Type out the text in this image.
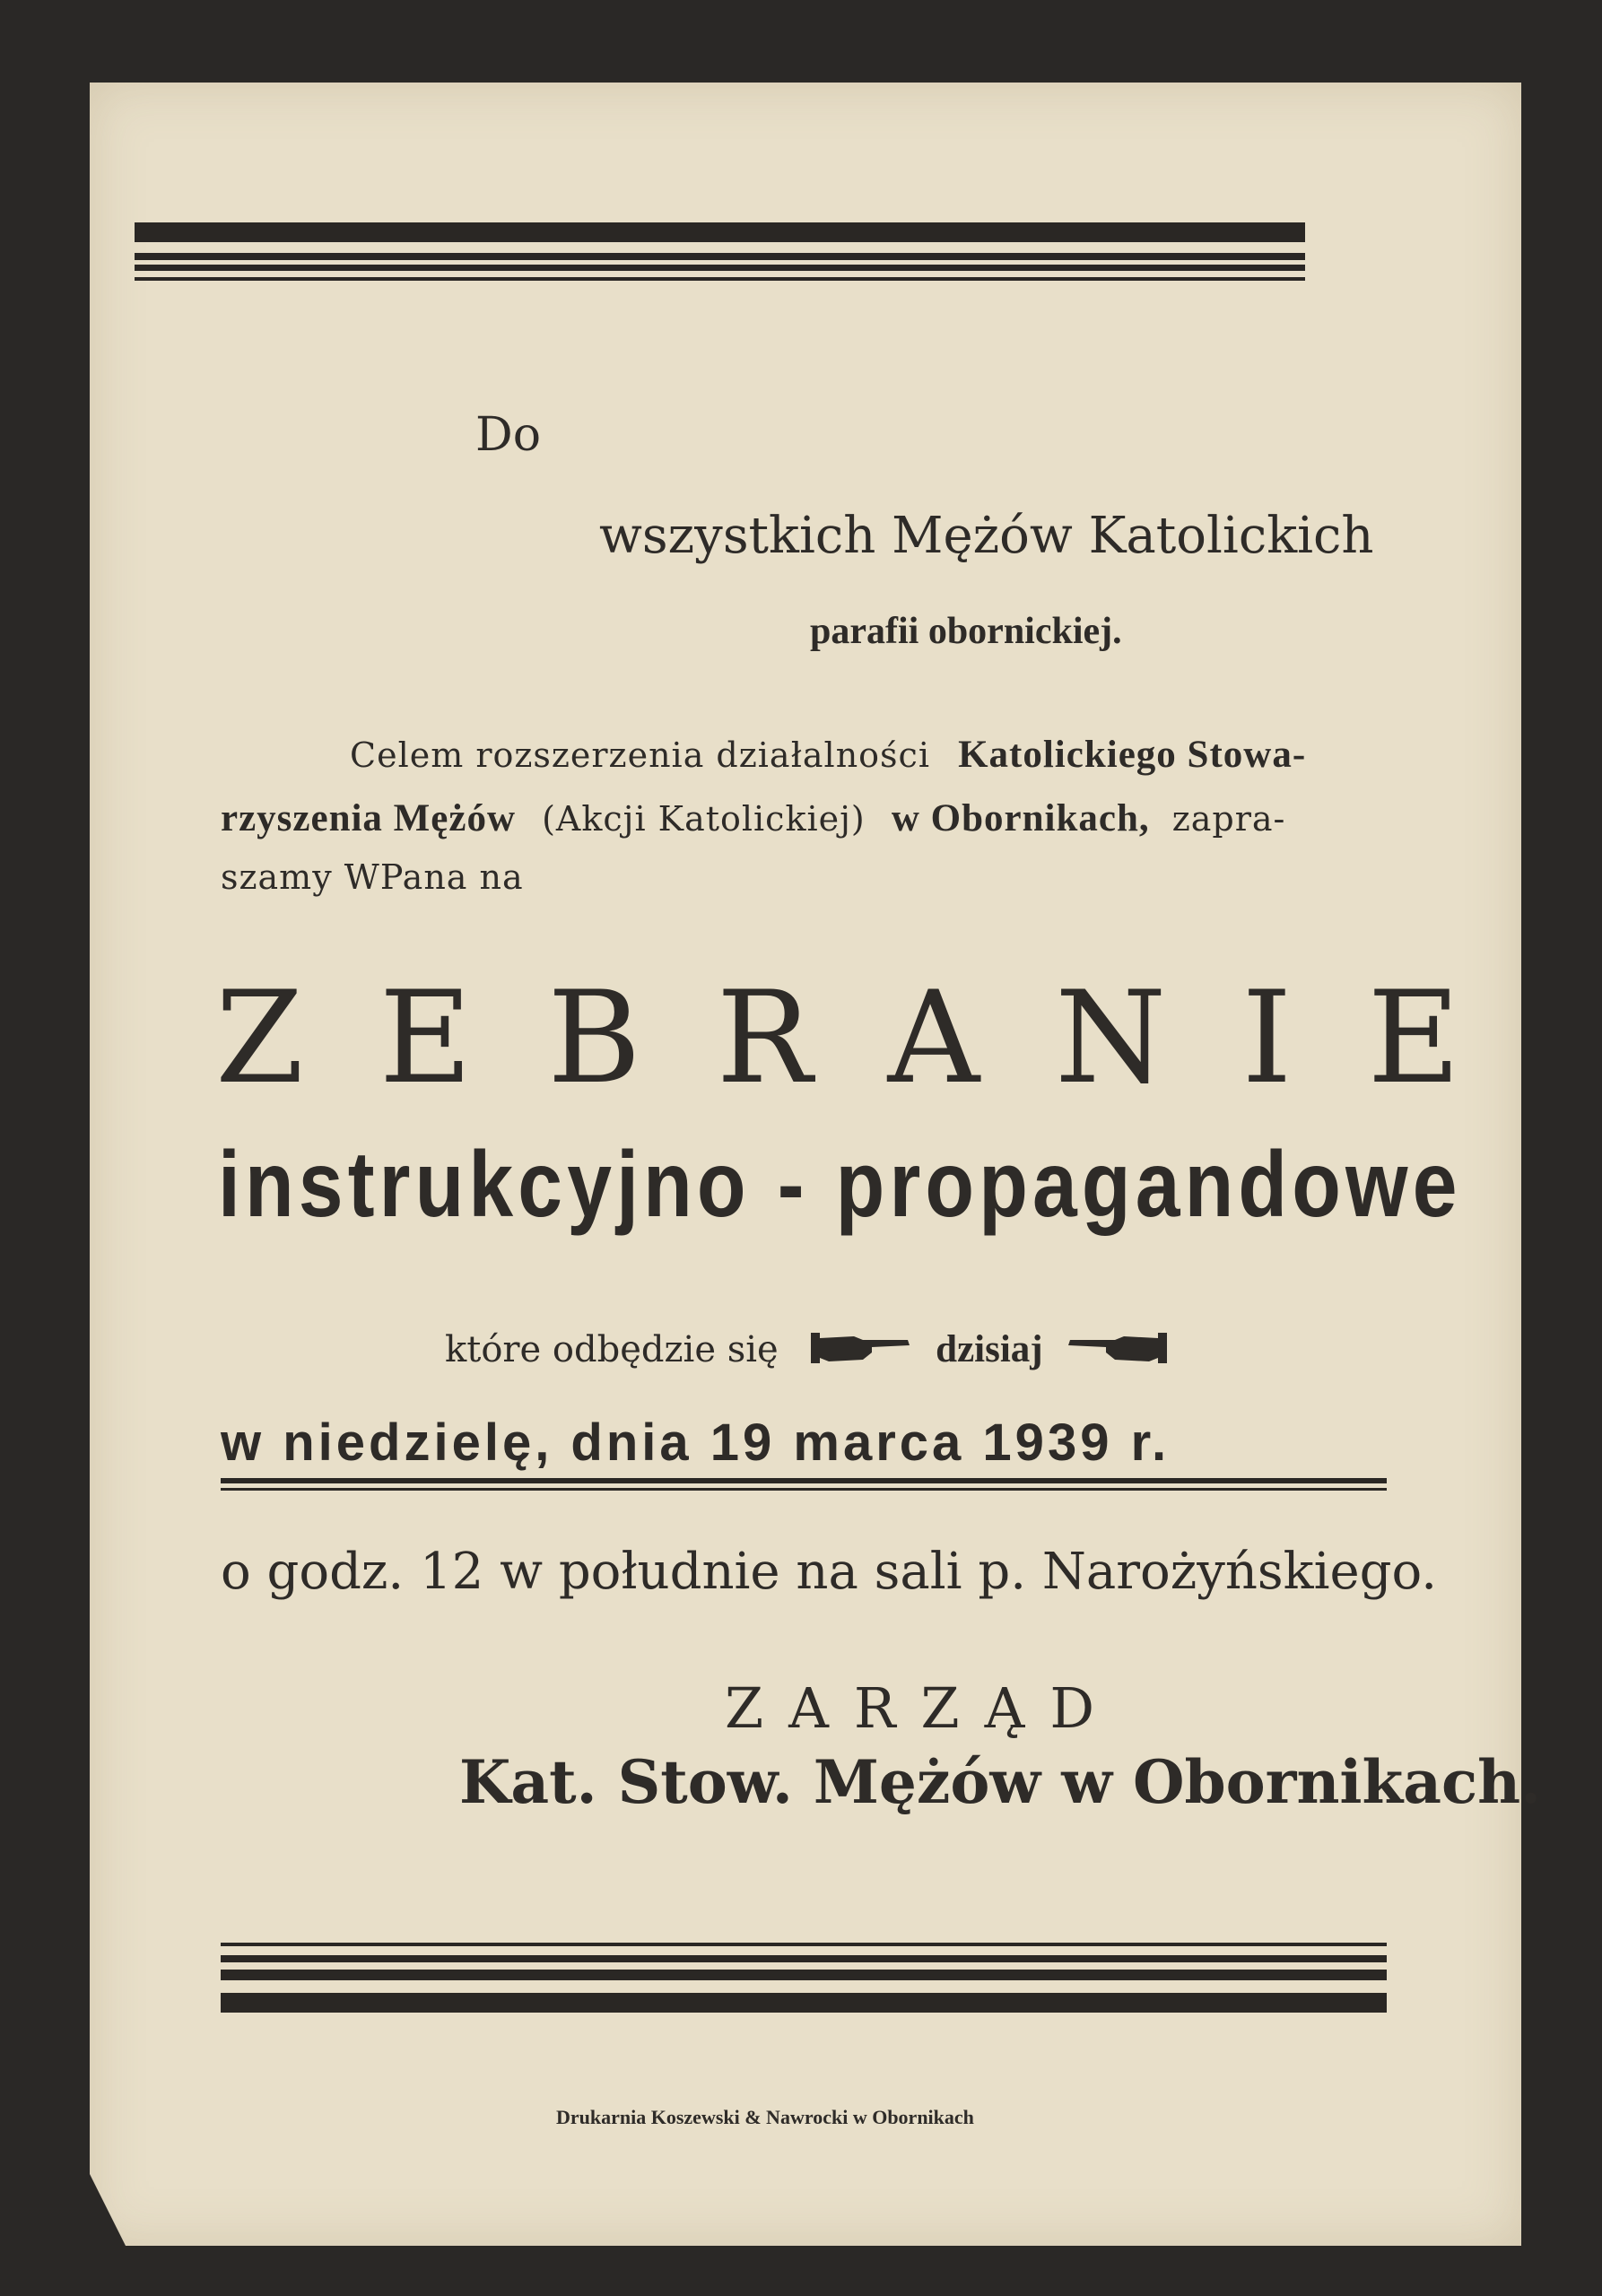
Do
wszystkich Mężów Katolickich
parafii obornickiej.
Celem rozszerzenia działalności Katolickiego Stowa-
rzyszenia Mężów (Akcji Katolickiej) w Obornikach, zapra-
szamy WPana na
ZEBRANIE
instrukcyjno - propagandowe
które odbędzie się	dzisiaj
w niedzielę, dnia 19 marca 1939 r.
o godz. 12 w południe na sali p. Narożyńskiego.
ZARZĄD
Kat. Stow. Mężów w Obornikach.
Drukarnia Koszewski & Nawrocki w Obornikach
